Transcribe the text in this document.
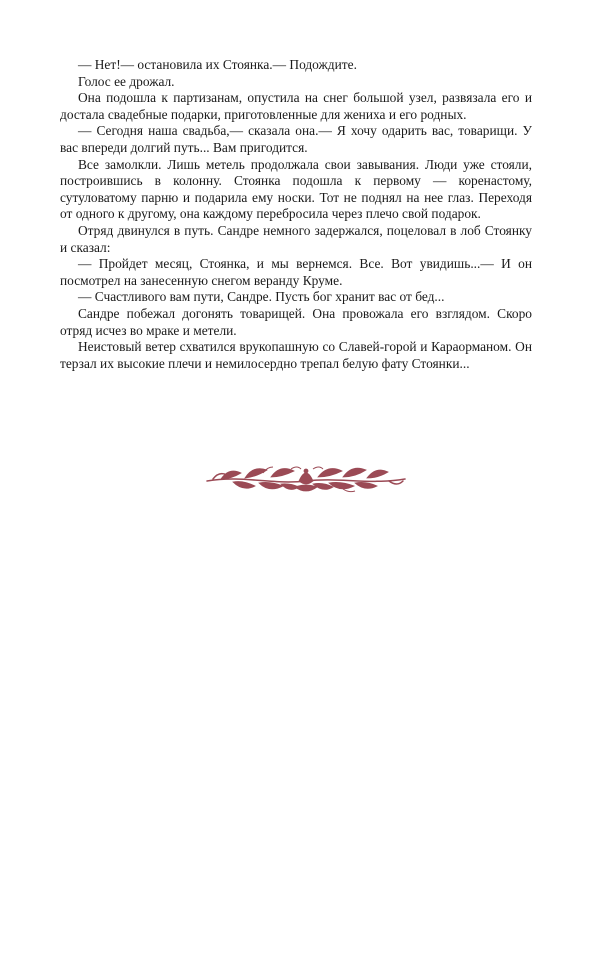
— Нет!— остановила их Стоянка.— Подождите.

Голос ее дрожал.

Она подошла к партизанам, опустила на снег большой узел, развязала его и достала свадебные подарки, приготовленные для жениха и его родных.

— Сегодня наша свадьба,— сказала она.— Я хочу одарить вас, товарищи. У вас впереди долгий путь... Вам пригодится.

Все замолкли. Лишь метель продолжала свои завывания. Люди уже стояли, построившись в колонну. Стоянка подошла к первому — коренастому, сутуловатому парню и подарила ему носки. Тот не поднял на нее глаз. Переходя от одного к другому, она каждому перебросила через плечо свой подарок.

Отряд двинулся в путь. Сандре немного задержался, поцеловал в лоб Стоянку и сказал:

— Пройдет месяц, Стоянка, и мы вернемся. Все. Вот увидишь...— И он посмотрел на занесенную снегом веранду Круме.

— Счастливого вам пути, Сандре. Пусть бог хранит вас от бед...

Сандре побежал догонять товарищей. Она провожала его взглядом. Скоро отряд исчез во мраке и метели.

Неистовый ветер схватился врукопашную со Славей-горой и Караорманом. Он терзал их высокие плечи и немилосердно трепал белую фату Стоянки...
